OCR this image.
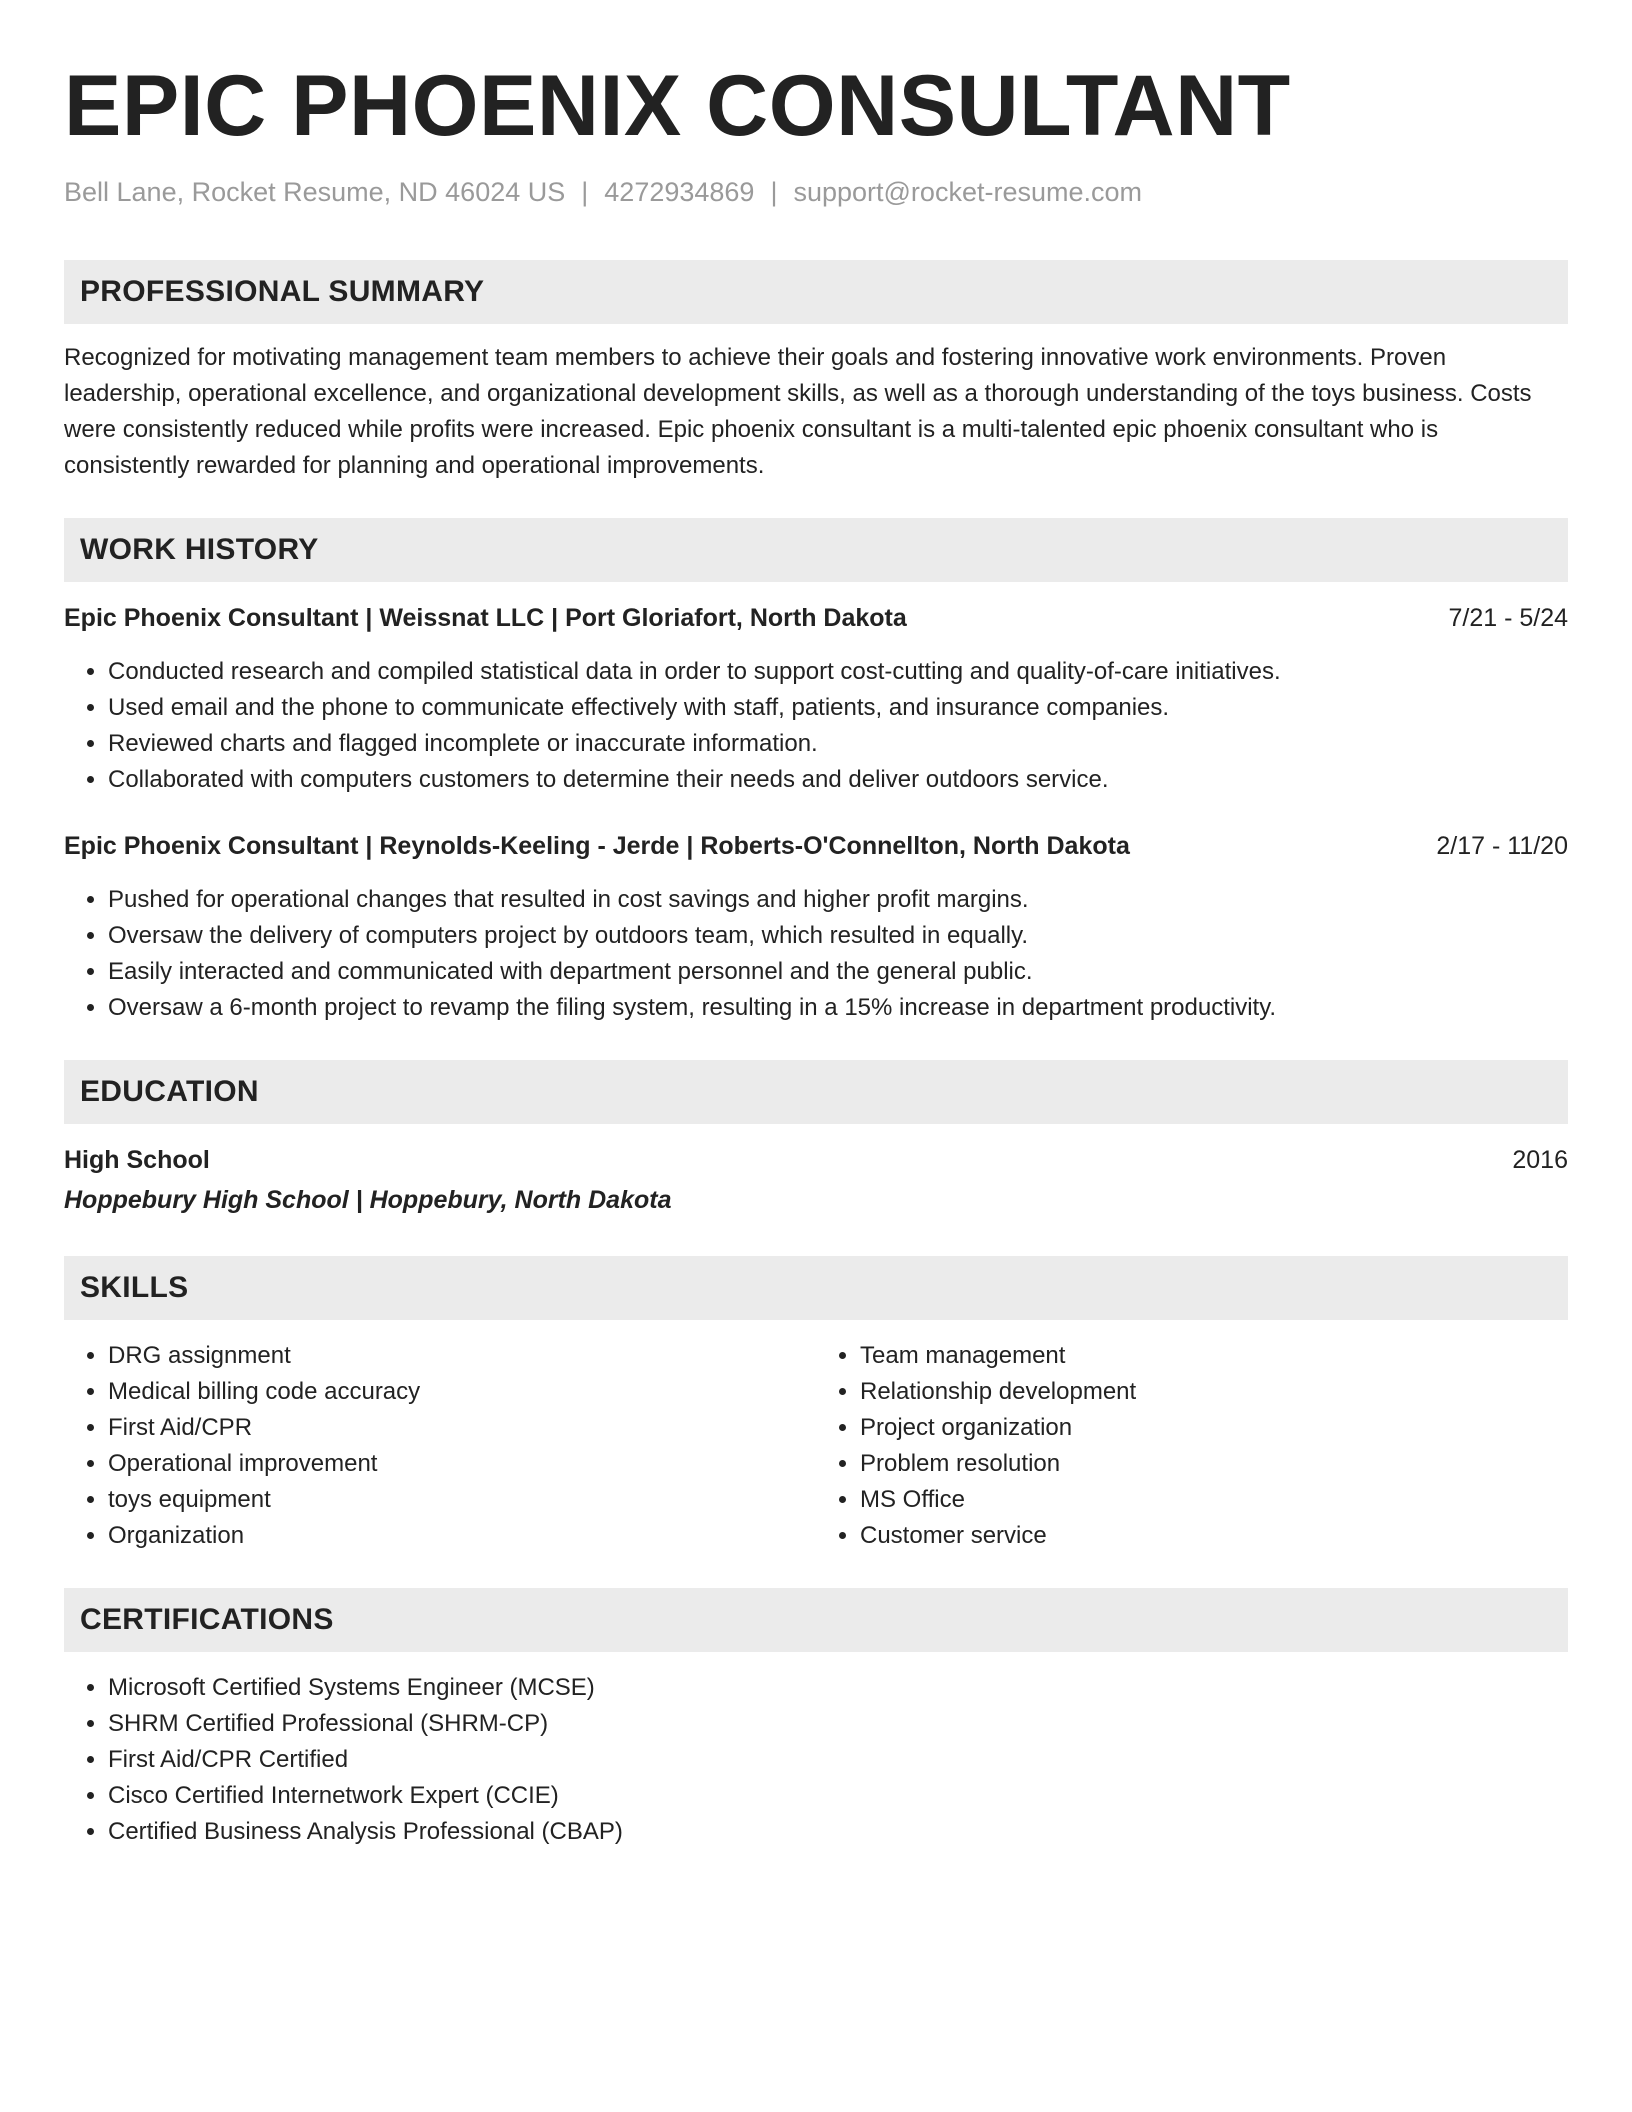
EPIC PHOENIX CONSULTANT
Bell Lane, Rocket Resume, ND 46024 US | 4272934869 | support@rocket-resume.com
PROFESSIONAL SUMMARY
Recognized for motivating management team members to achieve their goals and fostering innovative work environments. Proven leadership, operational excellence, and organizational development skills, as well as a thorough understanding of the toys business. Costs were consistently reduced while profits were increased. Epic phoenix consultant is a multi-talented epic phoenix consultant who is consistently rewarded for planning and operational improvements.
WORK HISTORY
Epic Phoenix Consultant | Weissnat LLC | Port Gloriafort, North Dakota	7/21 - 5/24
• Conducted research and compiled statistical data in order to support cost-cutting and quality-of-care initiatives.
• Used email and the phone to communicate effectively with staff, patients, and insurance companies.
• Reviewed charts and flagged incomplete or inaccurate information.
• Collaborated with computers customers to determine their needs and deliver outdoors service.
Epic Phoenix Consultant | Reynolds-Keeling - Jerde | Roberts-O'Connellton, North Dakota	2/17 - 11/20
• Pushed for operational changes that resulted in cost savings and higher profit margins.
• Oversaw the delivery of computers project by outdoors team, which resulted in equally.
• Easily interacted and communicated with department personnel and the general public.
• Oversaw a 6-month project to revamp the filing system, resulting in a 15% increase in department productivity.
EDUCATION
High School	2016
Hoppebury High School | Hoppebury, North Dakota
SKILLS
• DRG assignment
• Medical billing code accuracy
• First Aid/CPR
• Operational improvement
• toys equipment
• Organization
• Team management
• Relationship development
• Project organization
• Problem resolution
• MS Office
• Customer service
CERTIFICATIONS
• Microsoft Certified Systems Engineer (MCSE)
• SHRM Certified Professional (SHRM-CP)
• First Aid/CPR Certified
• Cisco Certified Internetwork Expert (CCIE)
• Certified Business Analysis Professional (CBAP)
